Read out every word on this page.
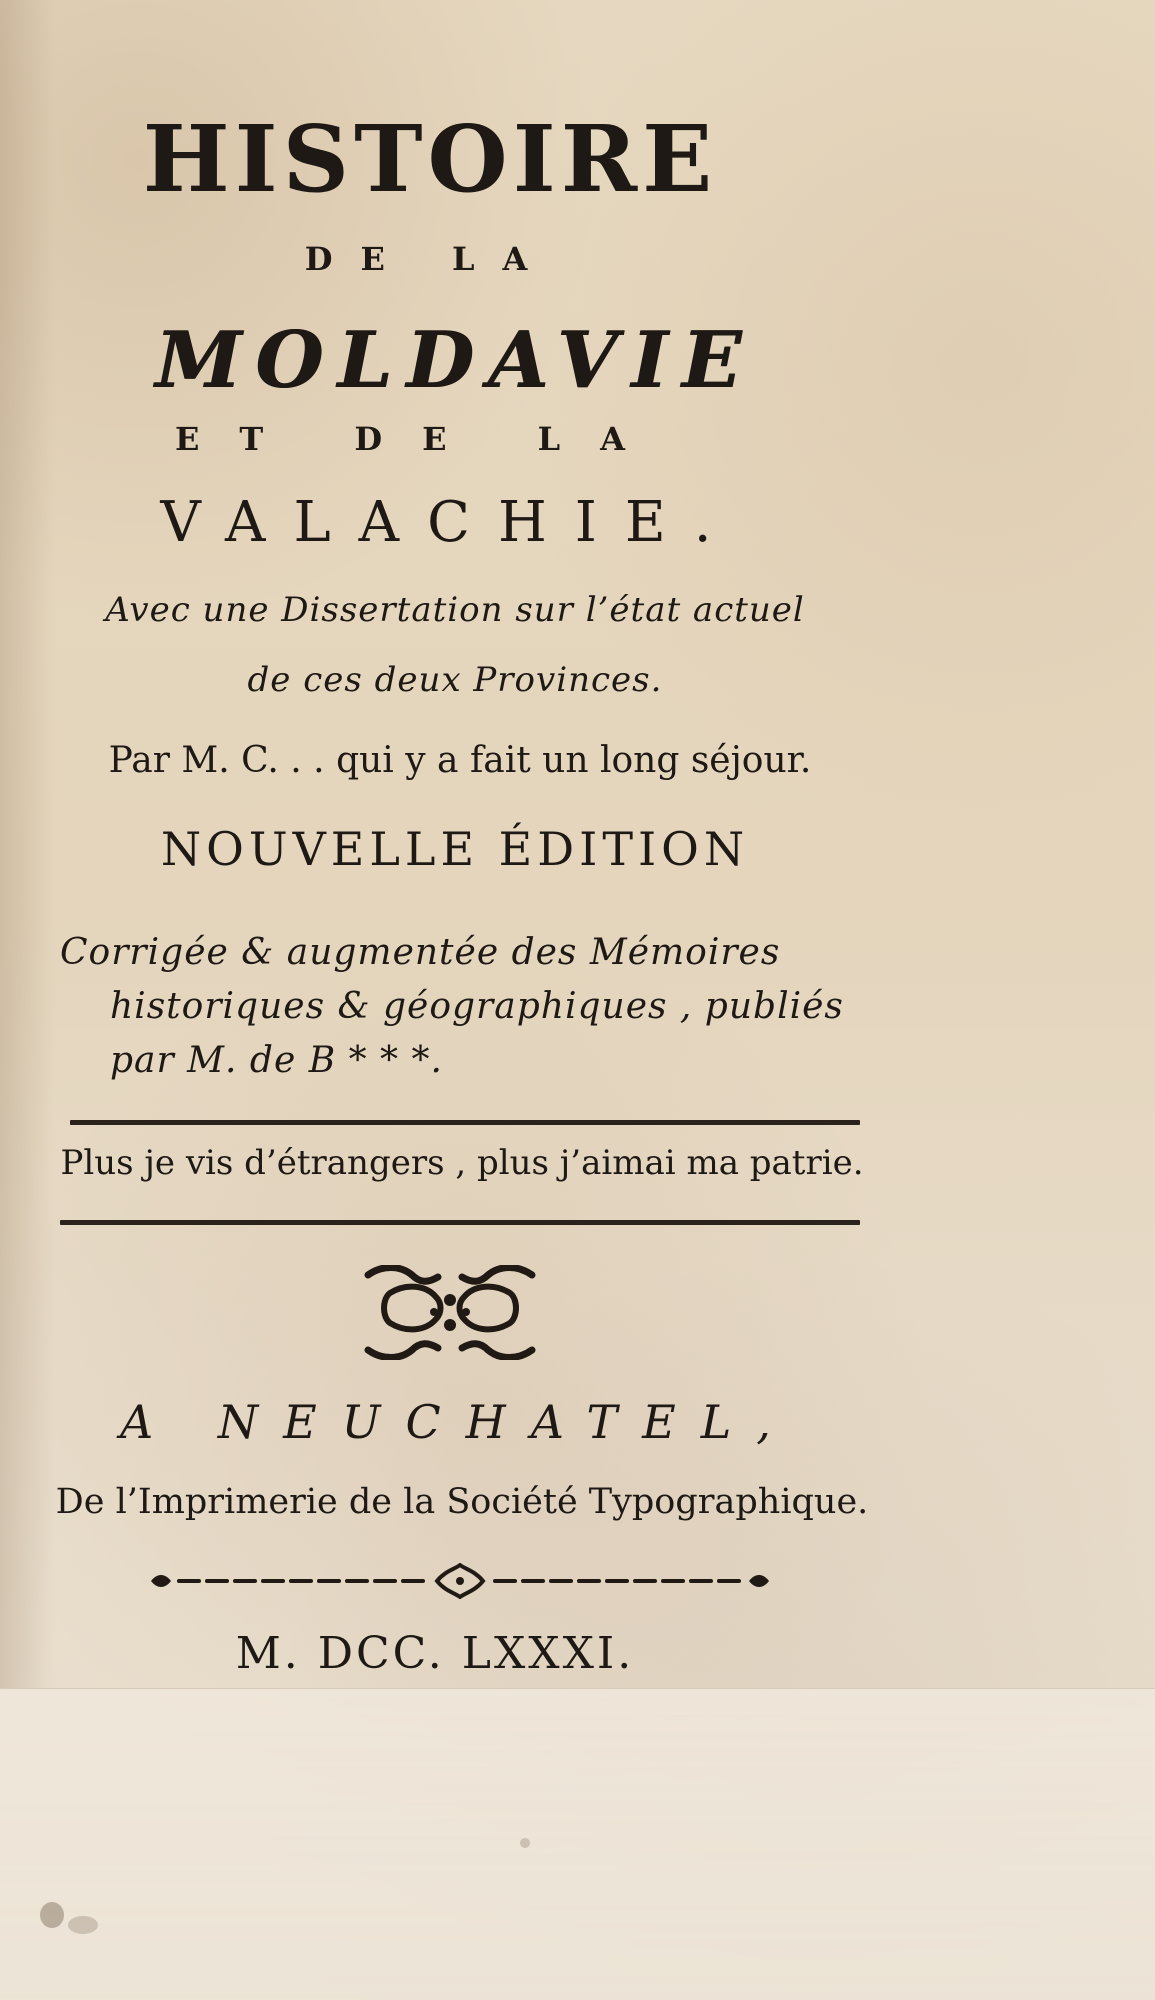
HISTOIRE
DE LA
MOLDAVIE
ET DE LA
VALACHIE.
Avec une Dissertation sur l’état actuel
de ces deux Provinces.
Par M. C. . . qui y a fait un long séjour.
NOUVELLE ÉDITION
Corrigée & augmentée des Mémoires
historiques & géographiques , publiés
par M. de B * * *.
Plus je vis d’étrangers , plus j’aimai ma patrie.
A NEUCHATEL,
De l’Imprimerie de la Société Typographique.
M. DCC. LXXXI.
